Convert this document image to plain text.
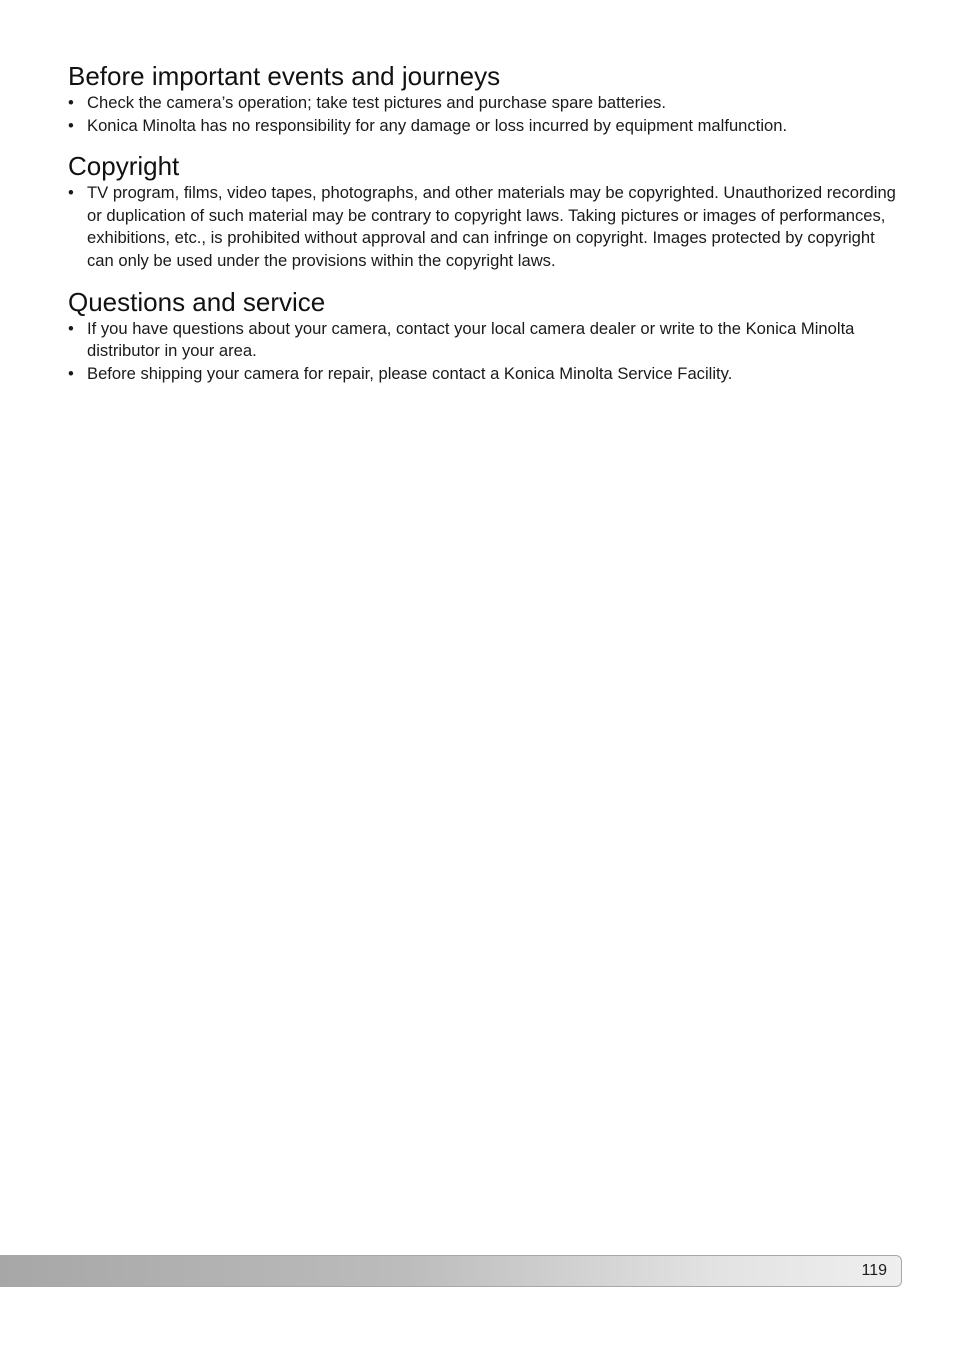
Before important events and journeys
• Check the camera’s operation; take test pictures and purchase spare batteries.
• Konica Minolta has no responsibility for any damage or loss incurred by equipment malfunction.
Copyright
• TV program, films, video tapes, photographs, and other materials may be copyrighted. Unauthorized recording or duplication of such material may be contrary to copyright laws. Taking pictures or images of performances, exhibitions, etc., is prohibited without approval and can infringe on copyright. Images protected by copyright can only be used under the provisions within the copyright laws.
Questions and service
• If you have questions about your camera, contact your local camera dealer or write to the Konica Minolta distributor in your area.
• Before shipping your camera for repair, please contact a Konica Minolta Service Facility.
119
